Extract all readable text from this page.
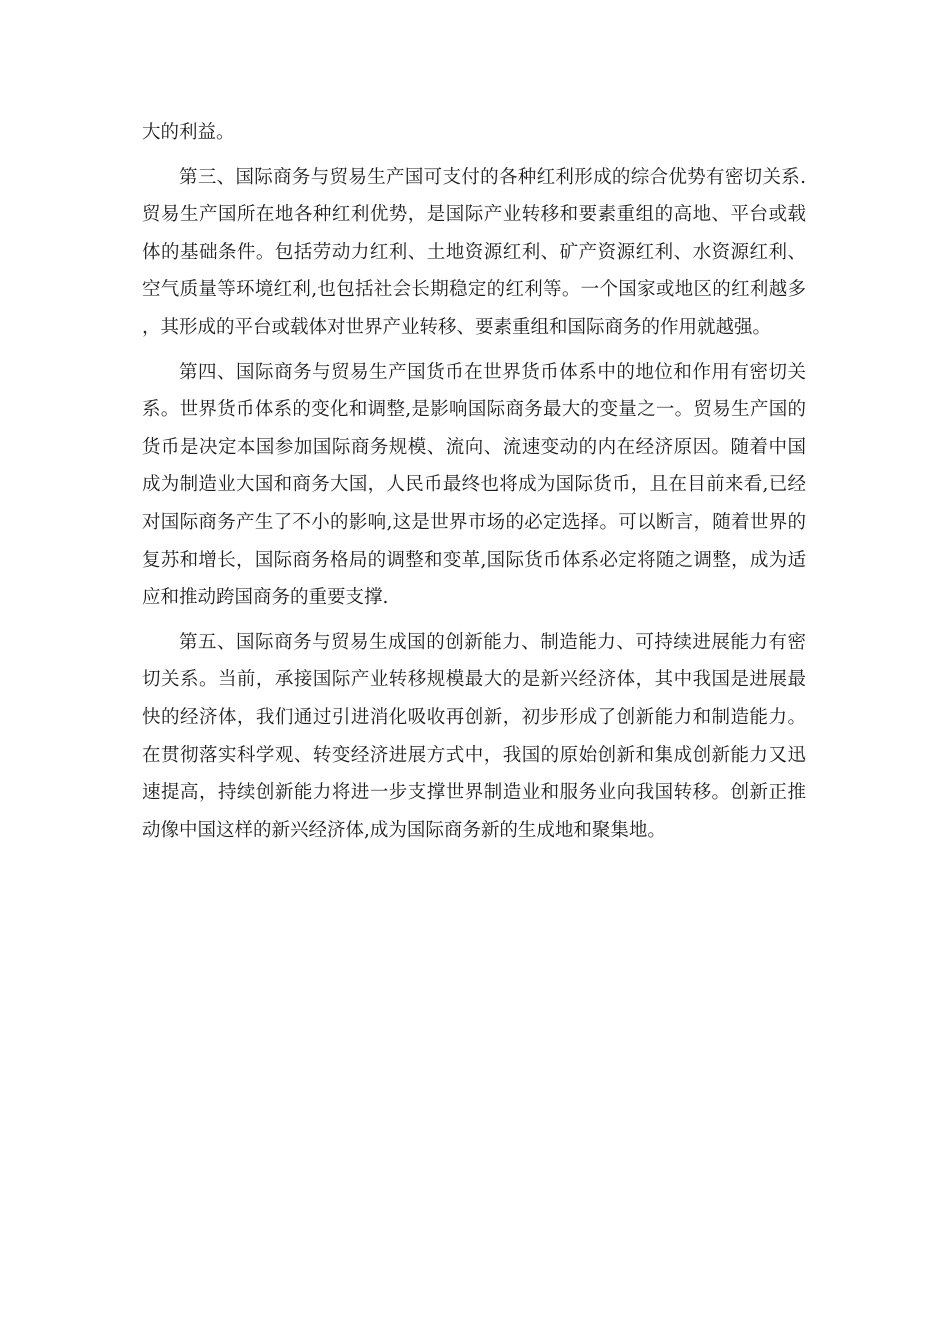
大的利益。

第三、国际商务与贸易生产国可支付的各种红利形成的综合优势有密切关系.贸易生产国所在地各种红利优势，是国际产业转移和要素重组的高地、平台或载体的基础条件。包括劳动力红利、土地资源红利、矿产资源红利、水资源红利、空气质量等环境红利,也包括社会长期稳定的红利等。一个国家或地区的红利越多，其形成的平台或载体对世界产业转移、要素重组和国际商务的作用就越强。

第四、国际商务与贸易生产国货币在世界货币体系中的地位和作用有密切关系。世界货币体系的变化和调整,是影响国际商务最大的变量之一。贸易生产国的货币是决定本国参加国际商务规模、流向、流速变动的内在经济原因。随着中国成为制造业大国和商务大国，人民币最终也将成为国际货币，且在目前来看,已经对国际商务产生了不小的影响,这是世界市场的必定选择。可以断言，随着世界的复苏和增长，国际商务格局的调整和变革,国际货币体系必定将随之调整，成为适应和推动跨国商务的重要支撑.

第五、国际商务与贸易生成国的创新能力、制造能力、可持续进展能力有密切关系。当前，承接国际产业转移规模最大的是新兴经济体，其中我国是进展最快的经济体，我们通过引进消化吸收再创新，初步形成了创新能力和制造能力。在贯彻落实科学观、转变经济进展方式中，我国的原始创新和集成创新能力又迅速提高，持续创新能力将进一步支撑世界制造业和服务业向我国转移。创新正推动像中国这样的新兴经济体,成为国际商务新的生成地和聚集地。
